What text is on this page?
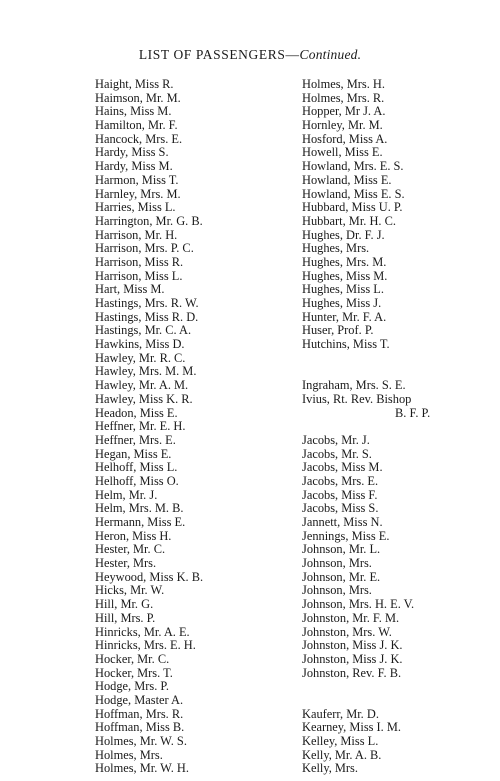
LIST OF PASSENGERS—Continued.
Haight, Miss R.
Haimson, Mr. M.
Hains, Miss M.
Hamilton, Mr. F.
Hancock, Mrs. E.
Hardy, Miss S.
Hardy, Miss M.
Harmon, Miss T.
Harnley, Mrs. M.
Harries, Miss L.
Harrington, Mr. G. B.
Harrison, Mr. H.
Harrison, Mrs. P. C.
Harrison, Miss R.
Harrison, Miss L.
Hart, Miss M.
Hastings, Mrs. R. W.
Hastings, Miss R. D.
Hastings, Mr. C. A.
Hawkins, Miss D.
Hawley, Mr. R. C.
Hawley, Mrs. M. M.
Hawley, Mr. A. M.
Hawley, Miss K. R.
Headon, Miss E.
Heffner, Mr. E. H.
Heffner, Mrs. E.
Hegan, Miss E.
Helhoff, Miss L.
Helhoff, Miss O.
Helm, Mr. J.
Helm, Mrs. M. B.
Hermann, Miss E.
Heron, Miss H.
Hester, Mr. C.
Hester, Mrs.
Heywood, Miss K. B.
Hicks, Mr. W.
Hill, Mr. G.
Hill, Mrs. P.
Hinricks, Mr. A. E.
Hinricks, Mrs. E. H.
Hocker, Mr. C.
Hocker, Mrs. T.
Hodge, Mrs. P.
Hodge, Master A.
Hoffman, Mrs. R.
Hoffman, Miss B.
Holmes, Mr. W. S.
Holmes, Mrs.
Holmes, Mr. W. H.
Holmes, Mrs. H.
Holmes, Mrs. R.
Hopper, Mr J. A.
Hornley, Mr. M.
Hosford, Miss A.
Howell, Miss E.
Howland, Mrs. E. S.
Howland, Miss E.
Howland, Miss E. S.
Hubbard, Miss U. P.
Hubbart, Mr. H. C.
Hughes, Dr. F. J.
Hughes, Mrs.
Hughes, Mrs. M.
Hughes, Miss M.
Hughes, Miss L.
Hughes, Miss J.
Hunter, Mr. F. A.
Huser, Prof. P.
Hutchins, Miss T.
Ingraham, Mrs. S. E.
Ivius, Rt. Rev. Bishop
B. F. P.
Jacobs, Mr. J.
Jacobs, Mr. S.
Jacobs, Miss M.
Jacobs, Mrs. E.
Jacobs, Miss F.
Jacobs, Miss S.
Jannett, Miss N.
Jennings, Miss E.
Johnson, Mr. L.
Johnson, Mrs.
Johnson, Mr. E.
Johnson, Mrs.
Johnson, Mrs. H. E. V.
Johnston, Mr. F. M.
Johnston, Mrs. W.
Johnston, Miss J. K.
Johnston, Miss J. K.
Johnston, Rev. F. B.
Kauferr, Mr. D.
Kearney, Miss I. M.
Kelley, Miss L.
Kelly, Mr. A. B.
Kelly, Mrs.
